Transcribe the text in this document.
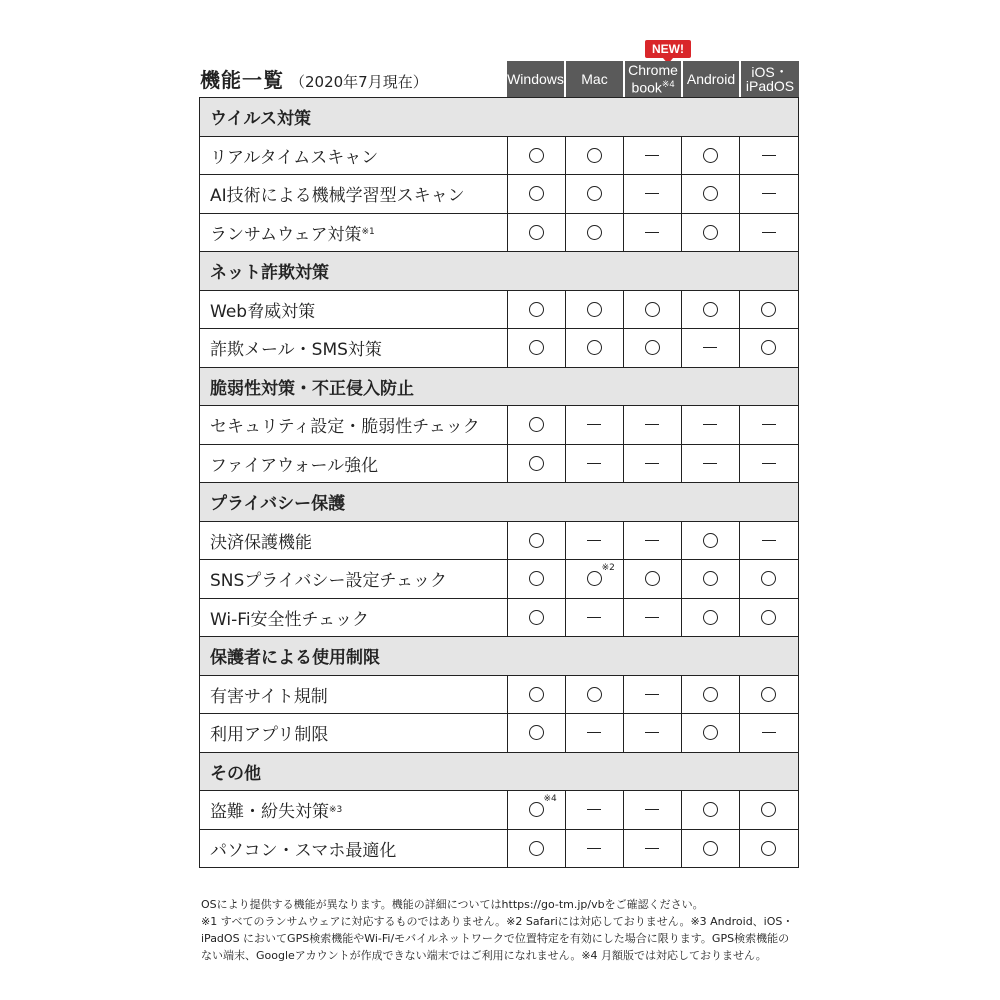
機能一覧 （2020年7月現在）
NEW!
Windows Mac
Chrome
book$^{※4}$ Android iOS・
iPadOS
ウイルス対策
リアルタイムスキャン
AI技術による機械学習型スキャン
ランサムウェア対策 ※1
ネット詐欺対策
Web脅威対策
詐欺メール・SMS対策
脆弱性対策・不正侵入防止
セキュリティ設定・脆弱性チェック
ファイアウォール強化
プライバシー保護
決済保護機能
SNSプライバシー設定チェック
※2
Wi-Fi安全性チェック
保護者による使用制限
有害サイト規制
利用アプリ制限
その他
盗難・紛失対策 ※3
※4
パソコン・スマホ最適化

OSにより提供する機能が異なります。機能の詳細についてはhttps://go-tm.jp/vbをご確認ください。

※1 すべてのランサムウェアに対応するものではありません。※2 Safariには対応しておりません。※3 Android、iOS・

iPadOS においてGPS検索機能やWi-Fi/モバイルネットワークで位置特定を有効にした場合に限ります。GPS検索機能の

ない端末、Googleアカウントが作成できない端末ではご利用になれません。※4 月額版では対応しておりません。
